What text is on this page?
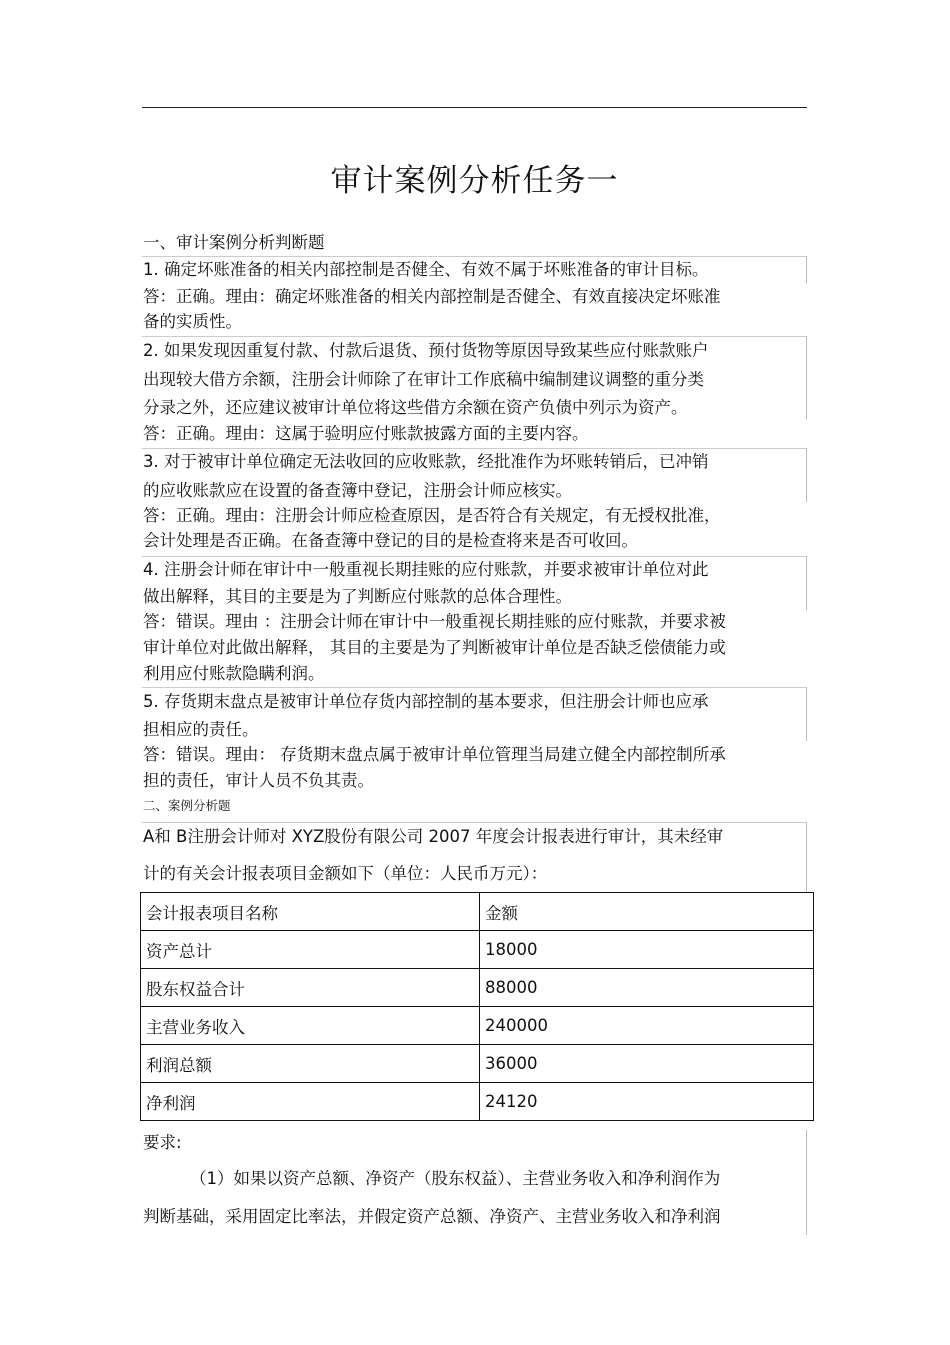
审计案例分析任务一
一、审计案例分析判断题
1. 确定坏账准备的相关内部控制是否健全、有效不属于坏账准备的审计目标。
答：正确。理由：确定坏账准备的相关内部控制是否健全、有效直接决定坏账准
备的实质性。
2. 如果发现因重复付款、付款后退货、预付货物等原因导致某些应付账款账户
出现较大借方余额，注册会计师除了在审计工作底稿中编制建议调整的重分类
分录之外，还应建议被审计单位将这些借方余额在资产负债中列示为资产。
答：正确。理由：这属于验明应付账款披露方面的主要内容。
3. 对于被审计单位确定无法收回的应收账款，经批准作为坏账转销后，已冲销
的应收账款应在设置的备查簿中登记，注册会计师应核实。
答：正确。理由：注册会计师应检查原因，是否符合有关规定，有无授权批准，
会计处理是否正确。在备查簿中登记的目的是检查将来是否可收回。
4. 注册会计师在审计中一般重视长期挂账的应付账款，并要求被审计单位对此
做出解释，其目的主要是为了判断应付账款的总体合理性。
答：错误。理由 ：注册会计师在审计中一般重视长期挂账的应付账款，并要求被
审计单位对此做出解释， 其目的主要是为了判断被审计单位是否缺乏偿债能力或
利用应付账款隐瞒利润。
5. 存货期末盘点是被审计单位存货内部控制的基本要求，但注册会计师也应承
担相应的责任。
答：错误。理由： 存货期末盘点属于被审计单位管理当局建立健全内部控制所承
担的责任，审计人员不负其责。
二、案例分析题
A和 B注册会计师对 XYZ股份有限公司 2007 年度会计报表进行审计，其未经审
计的有关会计报表项目金额如下（单位：人民币万元）：
会计报表项目名称	金额
资产总计	18000
股东权益合计	88000
主营业务收入	240000
利润总额	36000
净利润	24120
要求:
（1）如果以资产总额、净资产（股东权益）、主营业务收入和净利润作为
判断基础，采用固定比率法，并假定资产总额、净资产、主营业务收入和净利润
